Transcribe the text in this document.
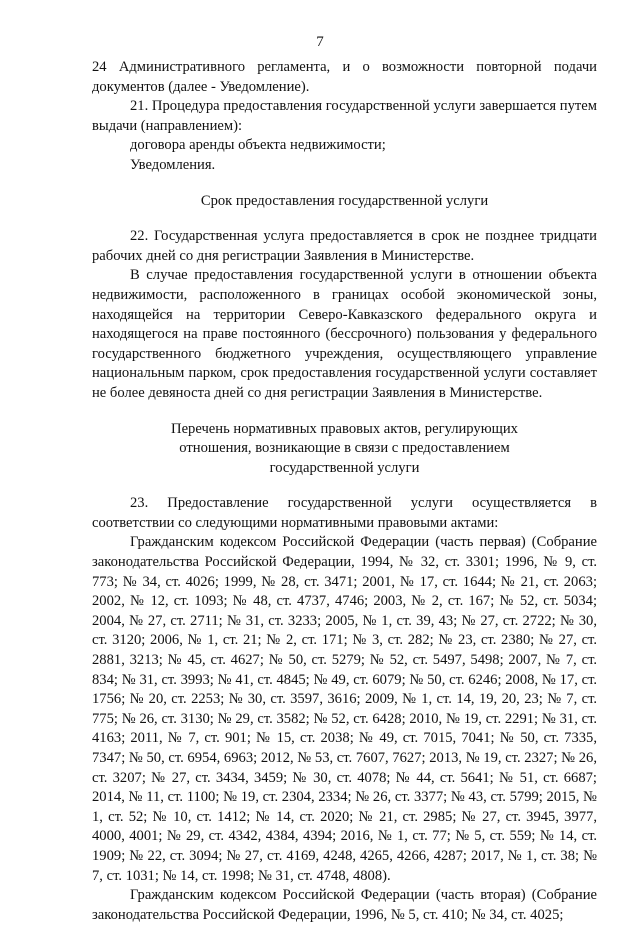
7

24 Административного регламента, и о возможности повторной подачи документов (далее - Уведомление).

21. Процедура предоставления государственной услуги завершается путем выдачи (направлением):

договора аренды объекта недвижимости;

Уведомления.

Срок предоставления государственной услуги

22. Государственная услуга предоставляется в срок не позднее тридцати рабочих дней со дня регистрации Заявления в Министерстве.

В случае предоставления государственной услуги в отношении объекта недвижимости, расположенного в границах особой экономической зоны, находящейся на территории Северо-Кавказского федерального округа и находящегося на праве постоянного (бессрочного) пользования у федерального государственного бюджетного учреждения, осуществляющего управление национальным парком, срок предоставления государственной услуги составляет не более девяноста дней со дня регистрации Заявления в Министерстве.

Перечень нормативных правовых актов, регулирующих отношения, возникающие в связи с предоставлением государственной услуги

23. Предоставление государственной услуги осуществляется в соответствии со следующими нормативными правовыми актами:

Гражданским кодексом Российской Федерации (часть первая) (Собрание законодательства Российской Федерации, 1994, № 32, ст. 3301; 1996, № 9, ст. 773; № 34, ст. 4026; 1999, № 28, ст. 3471; 2001, № 17, ст. 1644; № 21, ст. 2063; 2002, № 12, ст. 1093; № 48, ст. 4737, 4746; 2003, № 2, ст. 167; № 52, ст. 5034; 2004, № 27, ст. 2711; № 31, ст. 3233; 2005, № 1, ст. 39, 43; № 27, ст. 2722; № 30, ст. 3120; 2006, № 1, ст. 21; № 2, ст. 171; № 3, ст. 282; № 23, ст. 2380; № 27, ст. 2881, 3213; № 45, ст. 4627; № 50, ст. 5279; № 52, ст. 5497, 5498; 2007, № 7, ст. 834; № 31, ст. 3993; № 41, ст. 4845; № 49, ст. 6079; № 50, ст. 6246; 2008, № 17, ст. 1756; № 20, ст. 2253; № 30, ст. 3597, 3616; 2009, № 1, ст. 14, 19, 20, 23; № 7, ст. 775; № 26, ст. 3130; № 29, ст. 3582; № 52, ст. 6428; 2010, № 19, ст. 2291; № 31, ст. 4163; 2011, № 7, ст. 901; № 15, ст. 2038; № 49, ст. 7015, 7041; № 50, ст. 7335, 7347; № 50, ст. 6954, 6963; 2012, № 53, ст. 7607, 7627; 2013, № 19, ст. 2327; № 26, ст. 3207; № 27, ст. 3434, 3459; № 30, ст. 4078; № 44, ст. 5641; № 51, ст. 6687; 2014, № 11, ст. 1100; № 19, ст. 2304, 2334; № 26, ст. 3377; № 43, ст. 5799; 2015, № 1, ст. 52; № 10, ст. 1412; № 14, ст. 2020; № 21, ст. 2985; № 27, ст. 3945, 3977, 4000, 4001; № 29, ст. 4342, 4384, 4394; 2016, № 1, ст. 77; № 5, ст. 559; № 14, ст. 1909; № 22, ст. 3094; № 27, ст. 4169, 4248, 4265, 4266, 4287; 2017, № 1, ст. 38; № 7, ст. 1031; № 14, ст. 1998; № 31, ст. 4748, 4808).

Гражданским кодексом Российской Федерации (часть вторая) (Собрание законодательства Российской Федерации, 1996, № 5, ст. 410; № 34, ст. 4025;
